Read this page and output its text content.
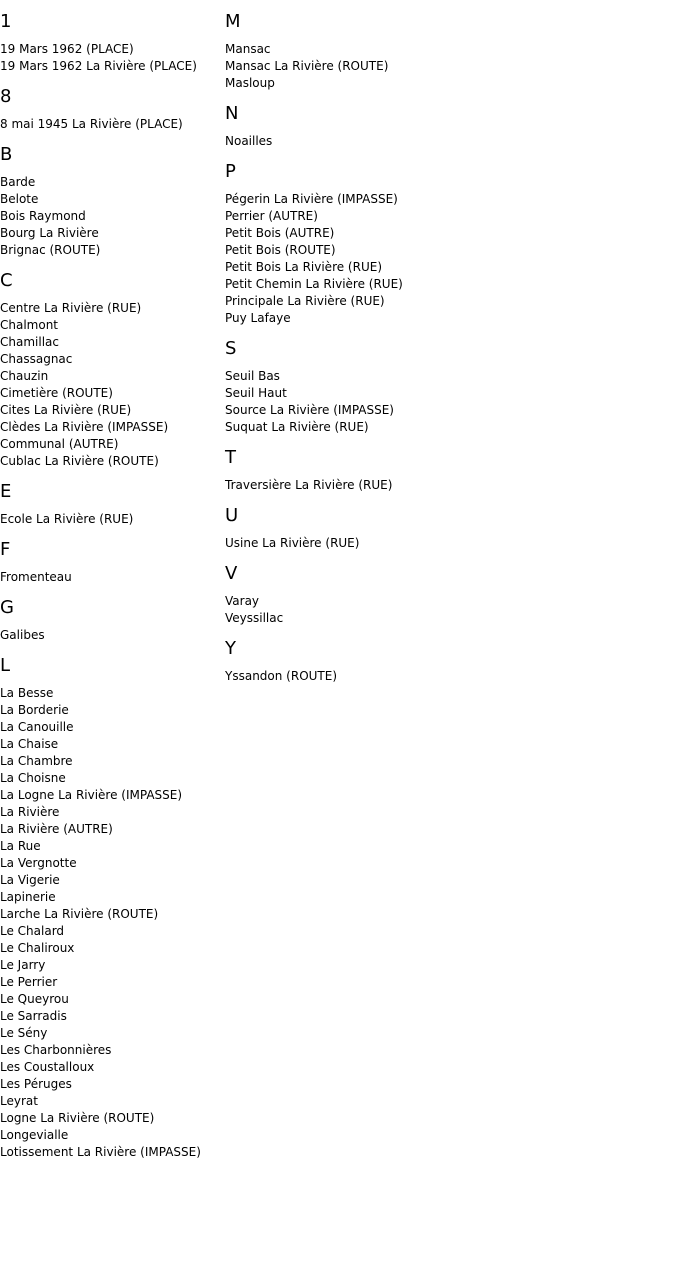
1
19 Mars 1962 (PLACE)
19 Mars 1962 La Rivière (PLACE)
8
8 mai 1945 La Rivière (PLACE)
B
Barde
Belote
Bois Raymond
Bourg La Rivière
Brignac (ROUTE)
C
Centre La Rivière (RUE)
Chalmont
Chamillac
Chassagnac
Chauzin
Cimetière (ROUTE)
Cites La Rivière (RUE)
Clèdes La Rivière (IMPASSE)
Communal (AUTRE)
Cublac La Rivière (ROUTE)
E
Ecole La Rivière (RUE)
F
Fromenteau
G
Galibes
L
La Besse
La Borderie
La Canouille
La Chaise
La Chambre
La Choisne
La Logne La Rivière (IMPASSE)
La Rivière
La Rivière (AUTRE)
La Rue
La Vergnotte
La Vigerie
Lapinerie
Larche La Rivière (ROUTE)
Le Chalard
Le Chaliroux
Le Jarry
Le Perrier
Le Queyrou
Le Sarradis
Le Sény
Les Charbonnières
Les Coustalloux
Les Péruges
Leyrat
Logne La Rivière (ROUTE)
Longevialle
Lotissement La Rivière (IMPASSE)
M
Mansac
Mansac La Rivière (ROUTE)
Masloup
N
Noailles
P
Pégerin La Rivière (IMPASSE)
Perrier (AUTRE)
Petit Bois (AUTRE)
Petit Bois (ROUTE)
Petit Bois La Rivière (RUE)
Petit Chemin La Rivière (RUE)
Principale La Rivière (RUE)
Puy Lafaye
S
Seuil Bas
Seuil Haut
Source La Rivière (IMPASSE)
Suquat La Rivière (RUE)
T
Traversière La Rivière (RUE)
U
Usine La Rivière (RUE)
V
Varay
Veyssillac
Y
Yssandon (ROUTE)
